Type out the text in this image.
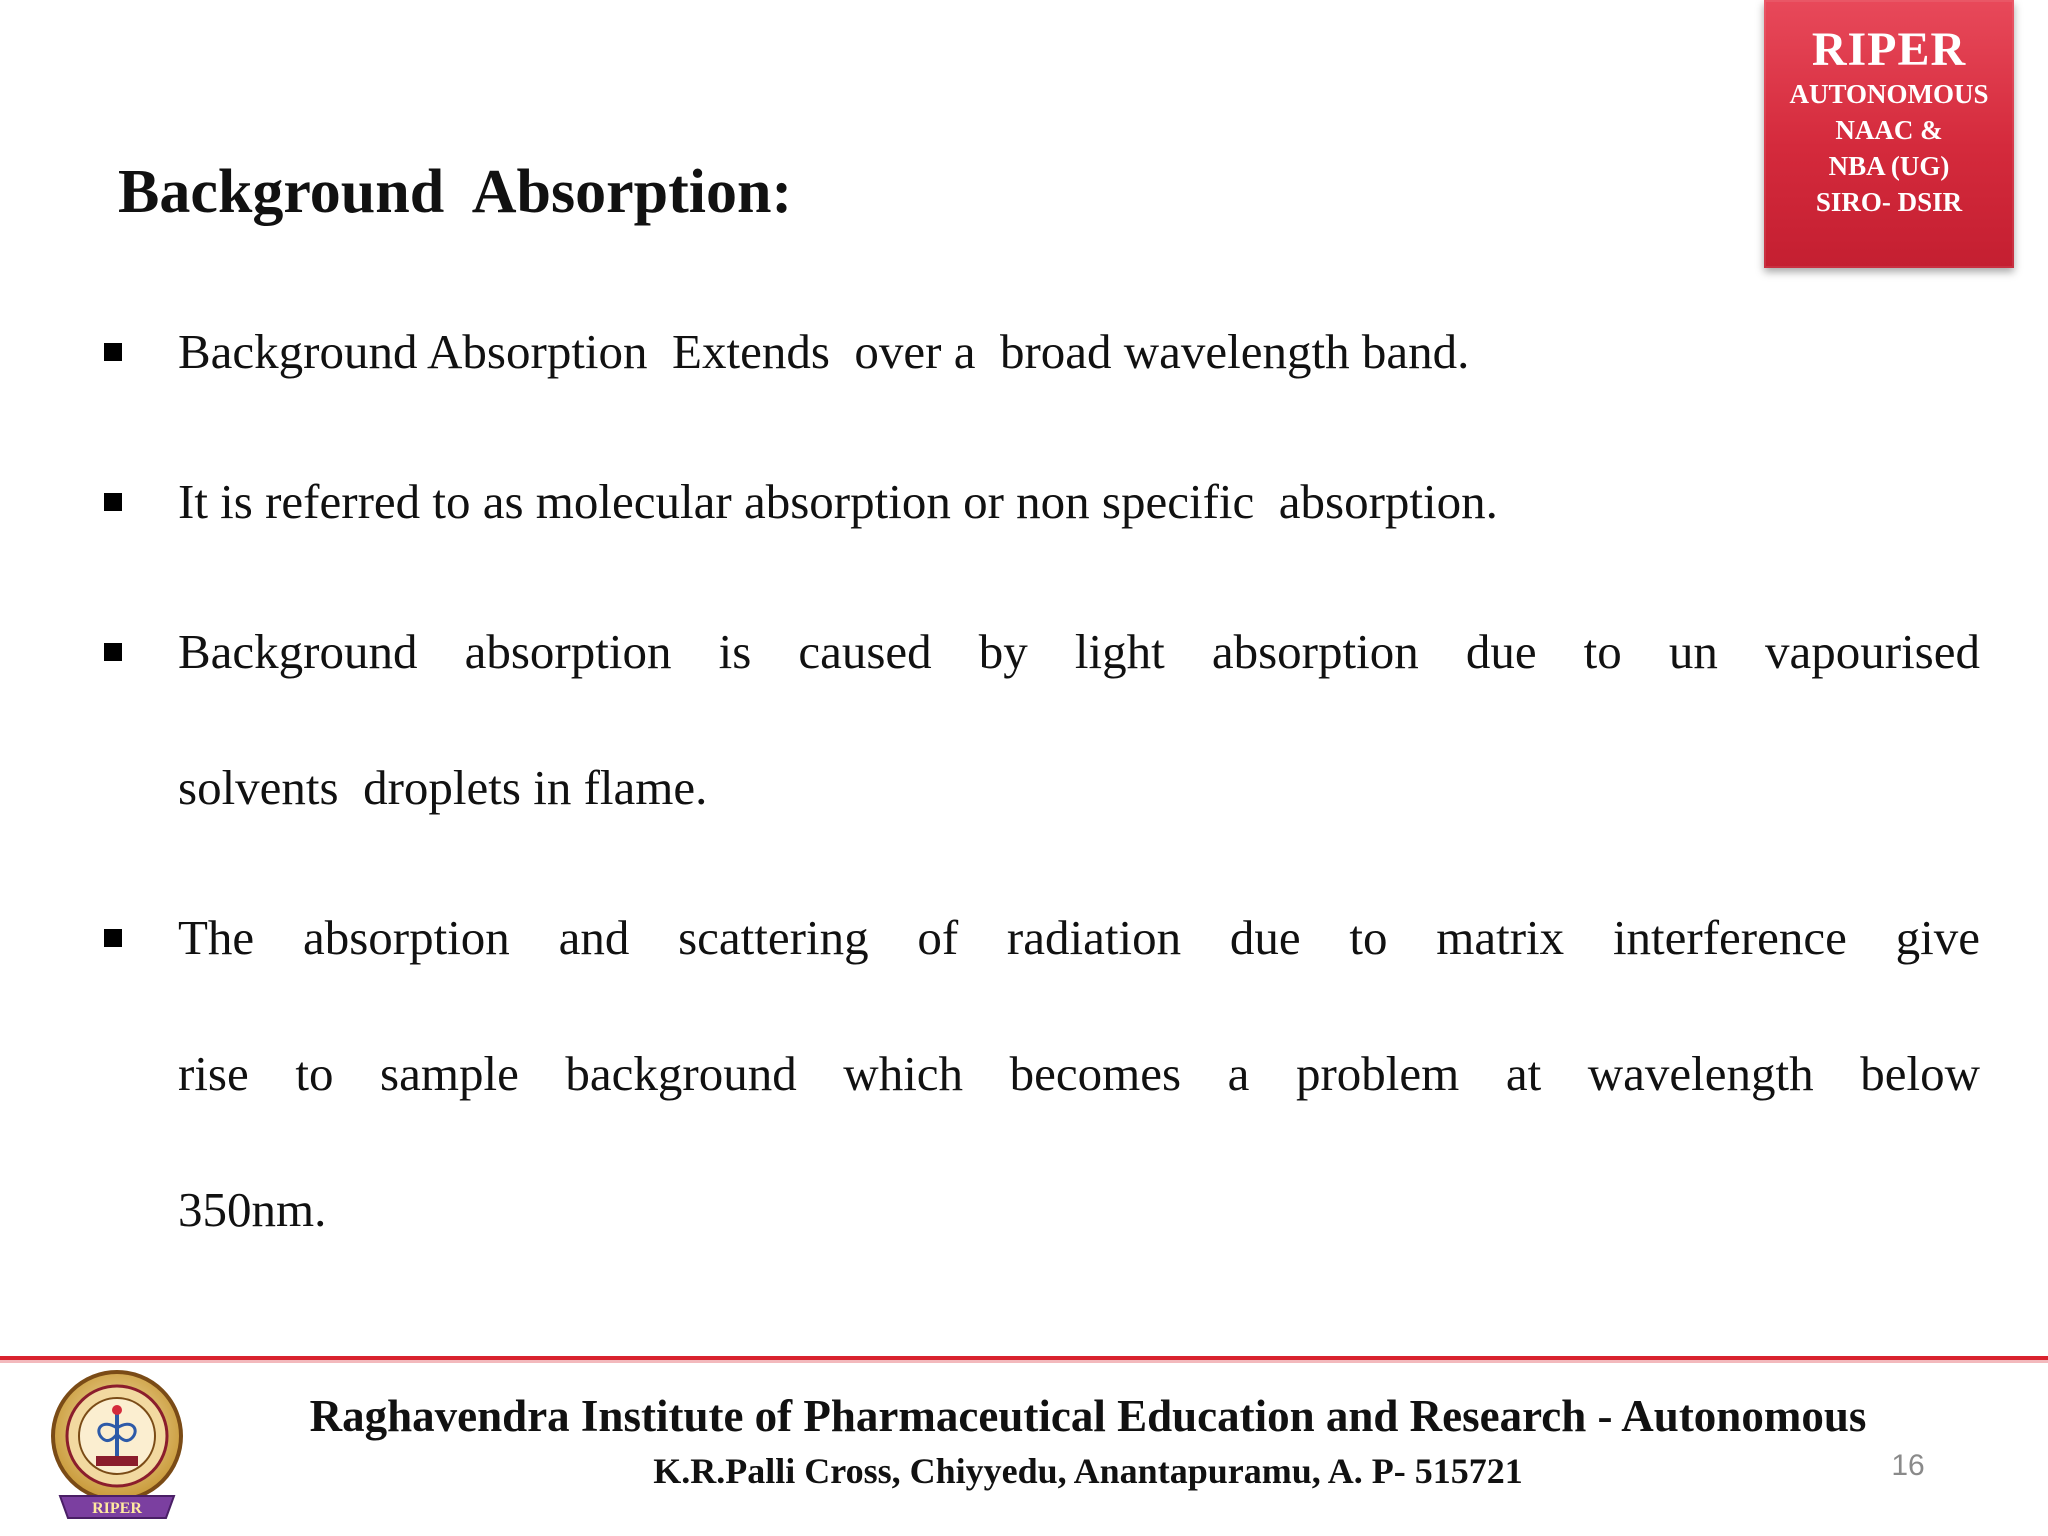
RIPER
AUTONOMOUS
NAAC &
NBA (UG)
SIRO- DSIR
Background  Absorption:
Background Absorption  Extends  over a  broad wavelength band.
It is referred to as molecular absorption or non specific  absorption.
Background absorption is caused by light absorption due to un vapourised
solvents  droplets in flame.
The absorption and scattering of radiation due to matrix interference give
rise to sample background which becomes a problem at wavelength below
350nm.
RIPER
Raghavendra Institute of Pharmaceutical Education and Research - Autonomous
K.R.Palli Cross, Chiyyedu, Anantapuramu, A. P- 515721	16
